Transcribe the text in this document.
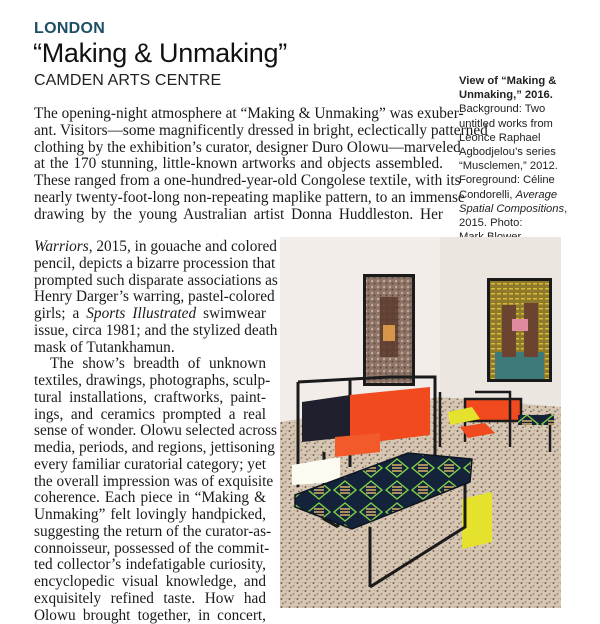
LONDON
“Making & Unmaking”
CAMDEN ARTS CENTRE
The opening-night atmosphere at “Making & Unmaking” was exuber-
ant. Visitors—some magnificently dressed in bright, eclectically patterned
clothing by the exhibition’s curator, designer Duro Olowu—marveled
at the 170 stunning, little-known artworks and objects assembled.
These ranged from a one-hundred-year-old Congolese textile, with its
nearly twenty-foot-long non-repeating maplike pattern, to an immense
drawing by the young Australian artist Donna Huddleston. Her
Warriors, 2015, in gouache and colored
pencil, depicts a bizarre procession that
prompted such disparate associations as
Henry Darger’s warring, pastel-colored
girls; a Sports Illustrated swimwear
issue, circa 1981; and the stylized death
mask of Tutankhamun.
The show’s breadth of unknown
textiles, drawings, photographs, sculp-
tural installations, craftworks, paint-
ings, and ceramics prompted a real
sense of wonder. Olowu selected across
media, periods, and regions, jettisoning
every familiar curatorial category; yet
the overall impression was of exquisite
coherence. Each piece in “Making &
Unmaking” felt lovingly handpicked,
suggesting the return of the curator-as-
connoisseur, possessed of the commit-
ted collector’s indefatigable curiosity,
encyclopedic visual knowledge, and
exquisitely refined taste. How had
Olowu brought together, in concert,
View of “Making &
Unmaking,” 2016.
Background: Two
untitled works from
Leonce Raphael
Agbodjelou’s series
“Musclemen,” 2012.
Foreground: Céline
Condorelli, Average
Spatial Compositions,
2015. Photo:
